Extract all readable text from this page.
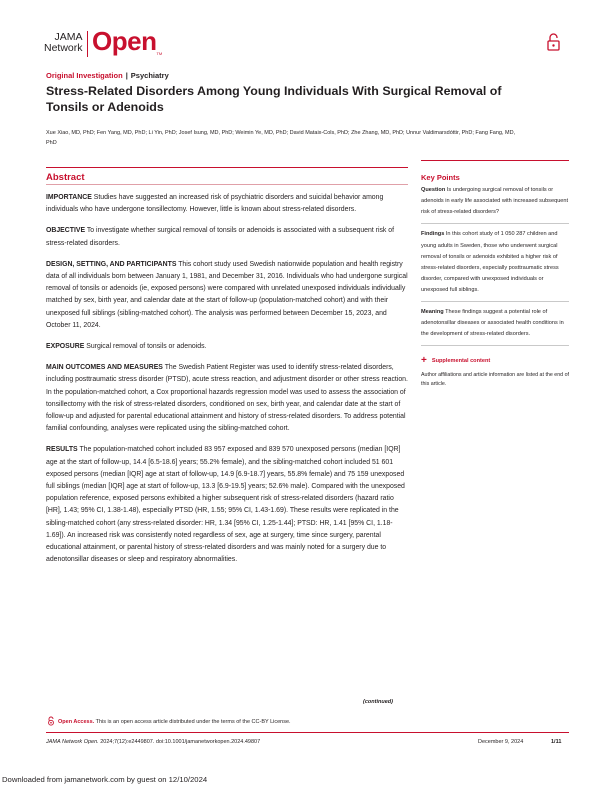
JAMA
Network Open TM
Original Investigation | Psychiatry
Stress-Related Disorders Among Young Individuals With Surgical Removal of Tonsils or Adenoids
Xue Xiao, MD, PhD; Fen Yang, MD, PhD; Li Yin, PhD; Josef Isung, MD, PhD; Weimin Ye, MD, PhD; David Mataix-Cols, PhD; Zhe Zhang, MD, PhD; Unnur Valdimarsdóttir, PhD; Fang Fang, MD, PhD
Abstract

IMPORTANCE Studies have suggested an increased risk of psychiatric disorders and suicidal behavior among individuals who have undergone tonsillectomy. However, little is known about stress-related disorders.

OBJECTIVE To investigate whether surgical removal of tonsils or adenoids is associated with a subsequent risk of stress-related disorders.

DESIGN, SETTING, AND PARTICIPANTS This cohort study used Swedish nationwide population and health registry data of all individuals born between January 1, 1981, and December 31, 2016. Individuals who had undergone surgical removal of tonsils or adenoids (ie, exposed persons) were compared with unrelated unexposed individuals individually matched by sex, birth year, and calendar date at the start of follow-up (population-matched cohort) and with their unexposed full siblings (sibling-matched cohort). The analysis was performed between December 15, 2023, and October 11, 2024.

EXPOSURE Surgical removal of tonsils or adenoids.

MAIN OUTCOMES AND MEASURES The Swedish Patient Register was used to identify stress-related disorders, including posttraumatic stress disorder (PTSD), acute stress reaction, and adjustment disorder or other stress reaction. In the population-matched cohort, a Cox proportional hazards regression model was used to assess the association of tonsillectomy with the risk of stress-related disorders, conditioned on sex, birth year, and calendar date at the start of follow-up and adjusted for parental educational attainment and history of stress-related disorders. To address potential familial confounding, analyses were replicated using the sibling-matched cohort.

RESULTS The population-matched cohort included 83 957 exposed and 839 570 unexposed persons (median [IQR] age at the start of follow-up, 14.4 [6.5-18.6] years; 55.2% female), and the sibling-matched cohort included 51 601 exposed persons (median [IQR] age at start of follow-up, 14.9 [6.9-18.7] years, 55.8% female) and 75 159 unexposed full siblings (median [IQR] age at start of follow-up, 13.3 [6.9-19.5] years; 52.6% male). Compared with the unexposed population reference, exposed persons exhibited a higher subsequent risk of stress-related disorders (hazard ratio [HR], 1.43; 95% CI, 1.38-1.48), especially PTSD (HR, 1.55; 95% CI, 1.43-1.69). These results were replicated in the sibling-matched cohort (any stress-related disorder: HR, 1.34 [95% CI, 1.25-1.44]; PTSD: HR, 1.41 [95% CI, 1.18-1.69]). An increased risk was consistently noted regardless of sex, age at surgery, time since surgery, parental educational attainment, or parental history of stress-related disorders and was mainly noted for a surgery due to adenotonsillar diseases or sleep and respiratory abnormalities.

(continued)
Key Points
Question Is undergoing surgical removal of tonsils or adenoids in early life associated with increased subsequent risk of stress-related disorders?
Findings In this cohort study of 1 050 287 children and young adults in Sweden, those who underwent surgical removal of tonsils or adenoids exhibited a higher risk of stress-related disorders, especially posttraumatic stress disorder, compared with unexposed individuals or unexposed full siblings.
Meaning These findings suggest a potential role of adenotonsillar diseases or associated health conditions in the development of stress-related disorders.
+ Supplemental content
Author affiliations and article information are listed at the end of this article.
Open Access. This is an open access article distributed under the terms of the CC-BY License.
JAMA Network Open. 2024;7(12):e2449807. doi:10.1001/jamanetworkopen.2024.49807	December 9, 2024	1/11
Downloaded from jamanetwork.com by guest on 12/10/2024
